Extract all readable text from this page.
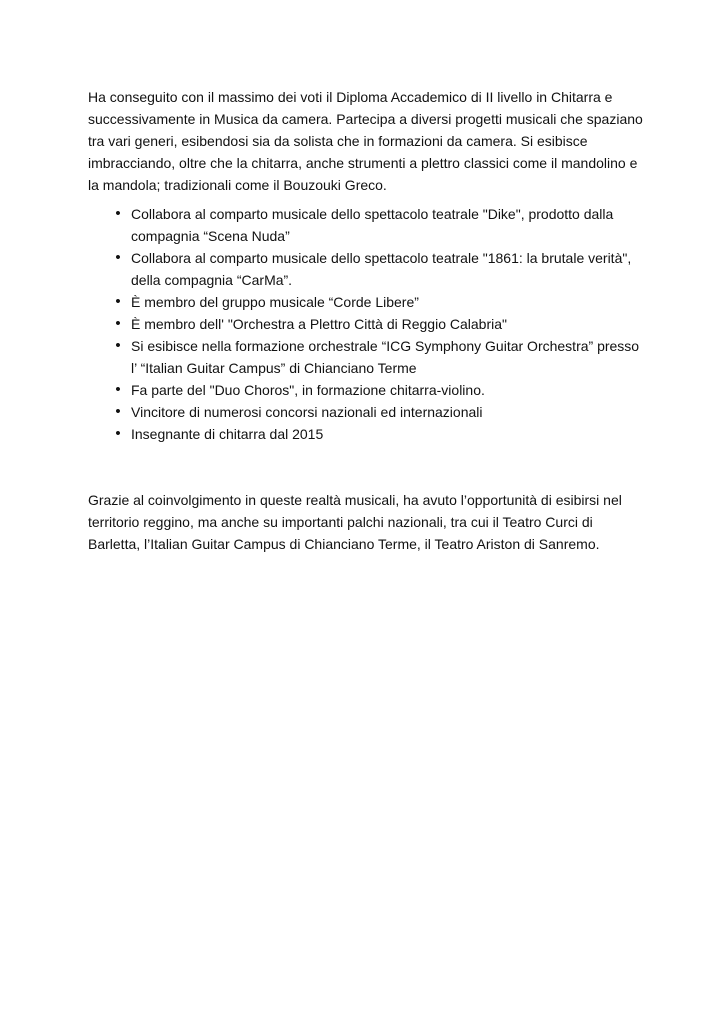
Ha conseguito con il massimo dei voti il Diploma Accademico di II livello in Chitarra e successivamente in Musica da camera. Partecipa a diversi progetti musicali che spaziano tra vari generi, esibendosi sia da solista che in formazioni da camera. Si esibisce imbracciando, oltre che la chitarra, anche strumenti a plettro classici come il mandolino e la mandola; tradizionali come il Bouzouki Greco.

• Collabora al comparto musicale dello spettacolo teatrale "Dike", prodotto dalla compagnia “Scena Nuda”
• Collabora al comparto musicale dello spettacolo teatrale "1861: la brutale verità", della compagnia “CarMa”.
• È membro del gruppo musicale “Corde Libere”
• È membro dell' "Orchestra a Plettro Città di Reggio Calabria"
• Si esibisce nella formazione orchestrale “ICG Symphony Guitar Orchestra” presso l’ “Italian Guitar Campus” di Chianciano Terme
• Fa parte del "Duo Choros", in formazione chitarra-violino.
• Vincitore di numerosi concorsi nazionali ed internazionali
• Insegnante di chitarra dal 2015

Grazie al coinvolgimento in queste realtà musicali, ha avuto l’opportunità di esibirsi nel territorio reggino, ma anche su importanti palchi nazionali, tra cui il Teatro Curci di Barletta, l’Italian Guitar Campus di Chianciano Terme, il Teatro Ariston di Sanremo.
